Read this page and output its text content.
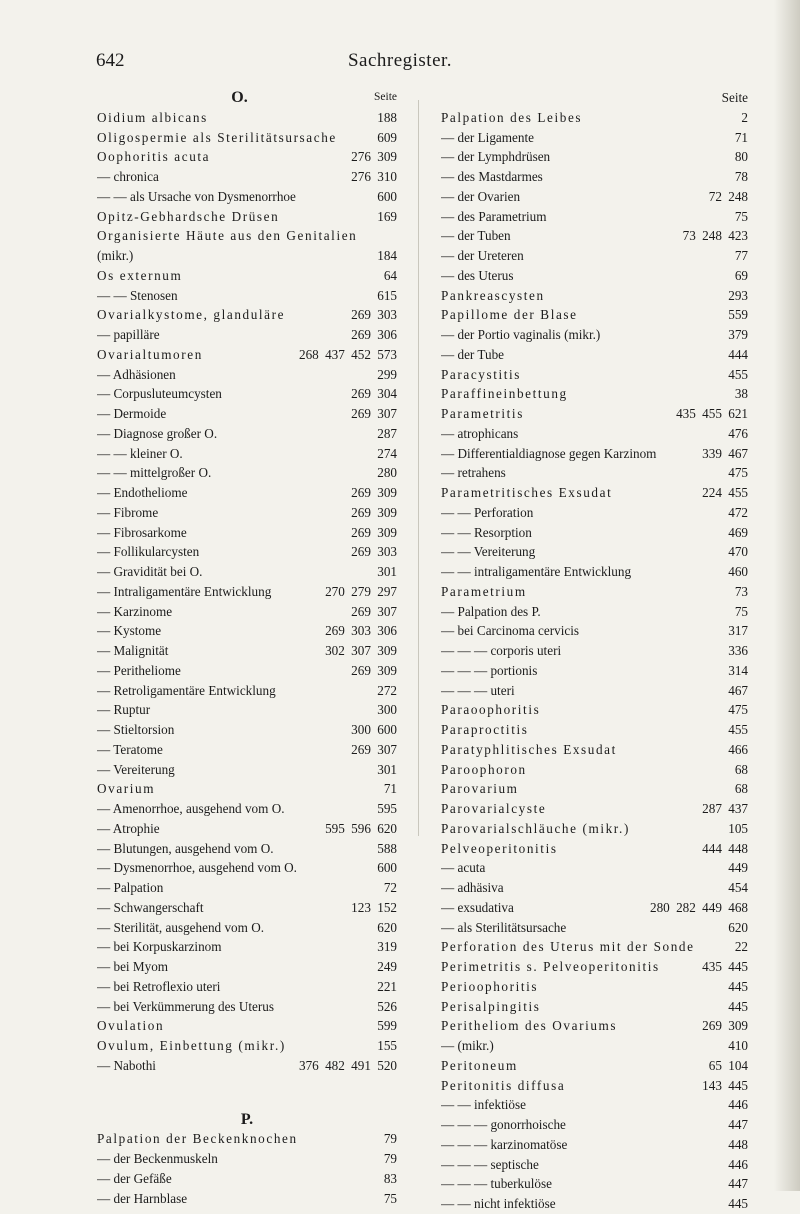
642	Sachregister.
O.	Seite
Oidium albicans	188
Oligospermie als Sterilitätsursache	609
Oophoritis acuta	276 309
— chronica	276 310
— — als Ursache von Dysmenorrhoe	600
Opitz-Gebhardsche Drüsen	169
Organisierte Häute aus den Genitalien
(mikr.)	184
Os externum	64
— — Stenosen	615
Ovarialkystome, glanduläre	269 303
— papilläre	269 306
Ovarialtumoren	268 437 452 573
— Adhäsionen	299
— Corpusluteumcysten	269 304
— Dermoide	269 307
— Diagnose großer O.	287
— — kleiner O.	274
— — mittelgroßer O.	280
— Endotheliome	269 309
— Fibrome	269 309
— Fibrosarkome	269 309
— Follikularcysten	269 303
— Gravidität bei O.	301
— Intraligamentäre Entwicklung	270 279 297
— Karzinome	269 307
— Kystome	269 303 306
— Malignität	302 307 309
— Peritheliome	269 309
— Retroligamentäre Entwicklung	272
— Ruptur	300
— Stieltorsion	300 600
— Teratome	269 307
— Vereiterung	301
Ovarium	71
— Amenorrhoe, ausgehend vom O.	595
— Atrophie	595 596 620
— Blutungen, ausgehend vom O.	588
— Dysmenorrhoe, ausgehend vom O.	600
— Palpation	72
— Schwangerschaft	123 152
— Sterilität, ausgehend vom O.	620
— bei Korpuskarzinom	319
— bei Myom	249
— bei Retroflexio uteri	221
— bei Verkümmerung des Uterus	526
Ovulation	599
Ovulum, Einbettung (mikr.)	155
— Nabothi	376 482 491 520
P.
Palpation der Beckenknochen	79
— der Beckenmuskeln	79
— der Gefäße	83
— der Harnblase	75
Seite
Palpation des Leibes	2
— der Ligamente	71
— der Lymphdrüsen	80
— des Mastdarmes	78
— der Ovarien	72 248
— des Parametrium	75
— der Tuben	73 248 423
— der Ureteren	77
— des Uterus	69
Pankreascysten	293
Papillome der Blase	559
— der Portio vaginalis (mikr.)	379
— der Tube	444
Paracystitis	455
Paraffineinbettung	38
Parametritis	435 455 621
— atrophicans	476
— Differentialdiagnose gegen Karzinom	339 467
— retrahens	475
Parametritisches Exsudat	224 455
— — Perforation	472
— — Resorption	469
— — Vereiterung	470
— — intraligamentäre Entwicklung	460
Parametrium	73
— Palpation des P.	75
— bei Carcinoma cervicis	317
— — — corporis uteri	336
— — — portionis	314
— — — uteri	467
Paraoophoritis	475
Paraproctitis	455
Paratyphlitisches Exsudat	466
Paroophoron	68
Parovarium	68
Parovarialcyste	287 437
Parovarialschläuche (mikr.)	105
Pelveoperitonitis	444 448
— acuta	449
— adhäsiva	454
— exsudativa	280 282 449 468
— als Sterilitätsursache	620
Perforation des Uterus mit der Sonde	22
Perimetritis s. Pelveoperitonitis	435 445
Perioophoritis	445
Perisalpingitis	445
Peritheliom des Ovariums	269 309
— (mikr.)	410
Peritoneum	65 104
Peritonitis diffusa	143 445
— — infektiöse	446
— — — gonorrhoische	447
— — — karzinomatöse	448
— — — septische	446
— — — tuberkulöse	447
— — nicht infektiöse	445
